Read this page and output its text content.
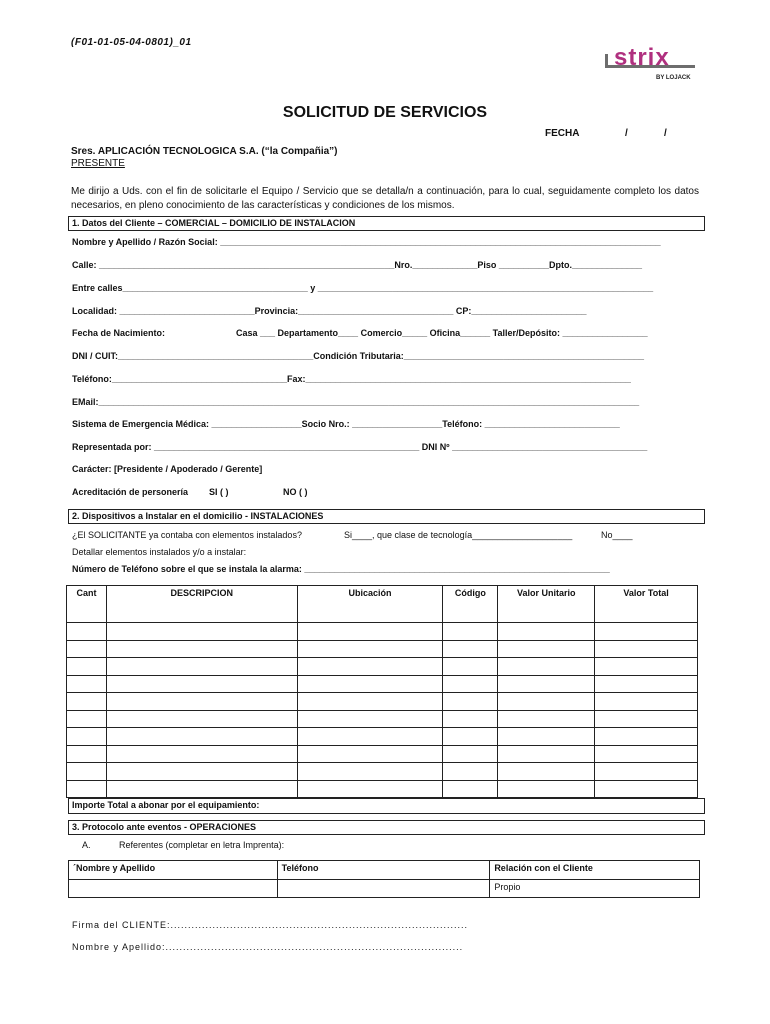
(F01-01-05-04-0801)_01
strix
BY LOJACK
SOLICITUD DE SERVICIOS
FECHA	/	/
Sres. APLICACIÓN TECNOLOGICA S.A. (“la Compañia”)
PRESENTE
Me dirijo a Uds. con el fin de solicitarle el Equipo / Servicio que se detalla/n a continuación, para lo cual, seguidamente completo los datos necesarios, en pleno conocimiento de las características y condiciones de los mismos.
1. Datos del Cliente – COMERCIAL – DOMICILIO DE INSTALACION
Nombre y Apellido / Razón Social: ________________________________________________________________________________________
Calle: ___________________________________________________________Nro._____________Piso __________Dpto.______________
Entre calles_____________________________________ y ___________________________________________________________________
Localidad: ___________________________Provincia:_______________________________ CP:_______________________
Fecha de Nacimiento:	Casa ___ Departamento____ Comercio_____ Oficina______ Taller/Depósito: _________________
DNI / CUIT:_______________________________________Condición Tributaria:________________________________________________
Teléfono:___________________________________Fax:_________________________________________________________________
EMail:____________________________________________________________________________________________________________
Sistema de Emergencia Médica: __________________Socio Nro.: __________________Teléfono: ___________________________
Representada por: _____________________________________________________ DNI Nº _______________________________________
Carácter: [Presidente / Apoderado / Gerente]
Acreditación de personería SI ( )	NO ( )
2. Dispositivos a Instalar en el domicilio - INSTALACIONES
¿El SOLICITANTE ya contaba con elementos instalados?	Si____, que clase de tecnología____________________	No____
Detallar elementos instalados y/o a instalar:
Número de Teléfono sobre el que se instala la alarma: _____________________________________________________________
Cant	DESCRIPCION	Ubicación	Código	Valor Unitario	Valor Total

Importe Total a abonar por el equipamiento:
3. Protocolo ante eventos - OPERACIONES
A.	Referentes (completar en letra Imprenta):
´Nombre y Apellido	Teléfono	Relación con el Cliente
		Propio
Firma del CLIENTE:.....................................................................................
Nombre y Apellido:.....................................................................................
